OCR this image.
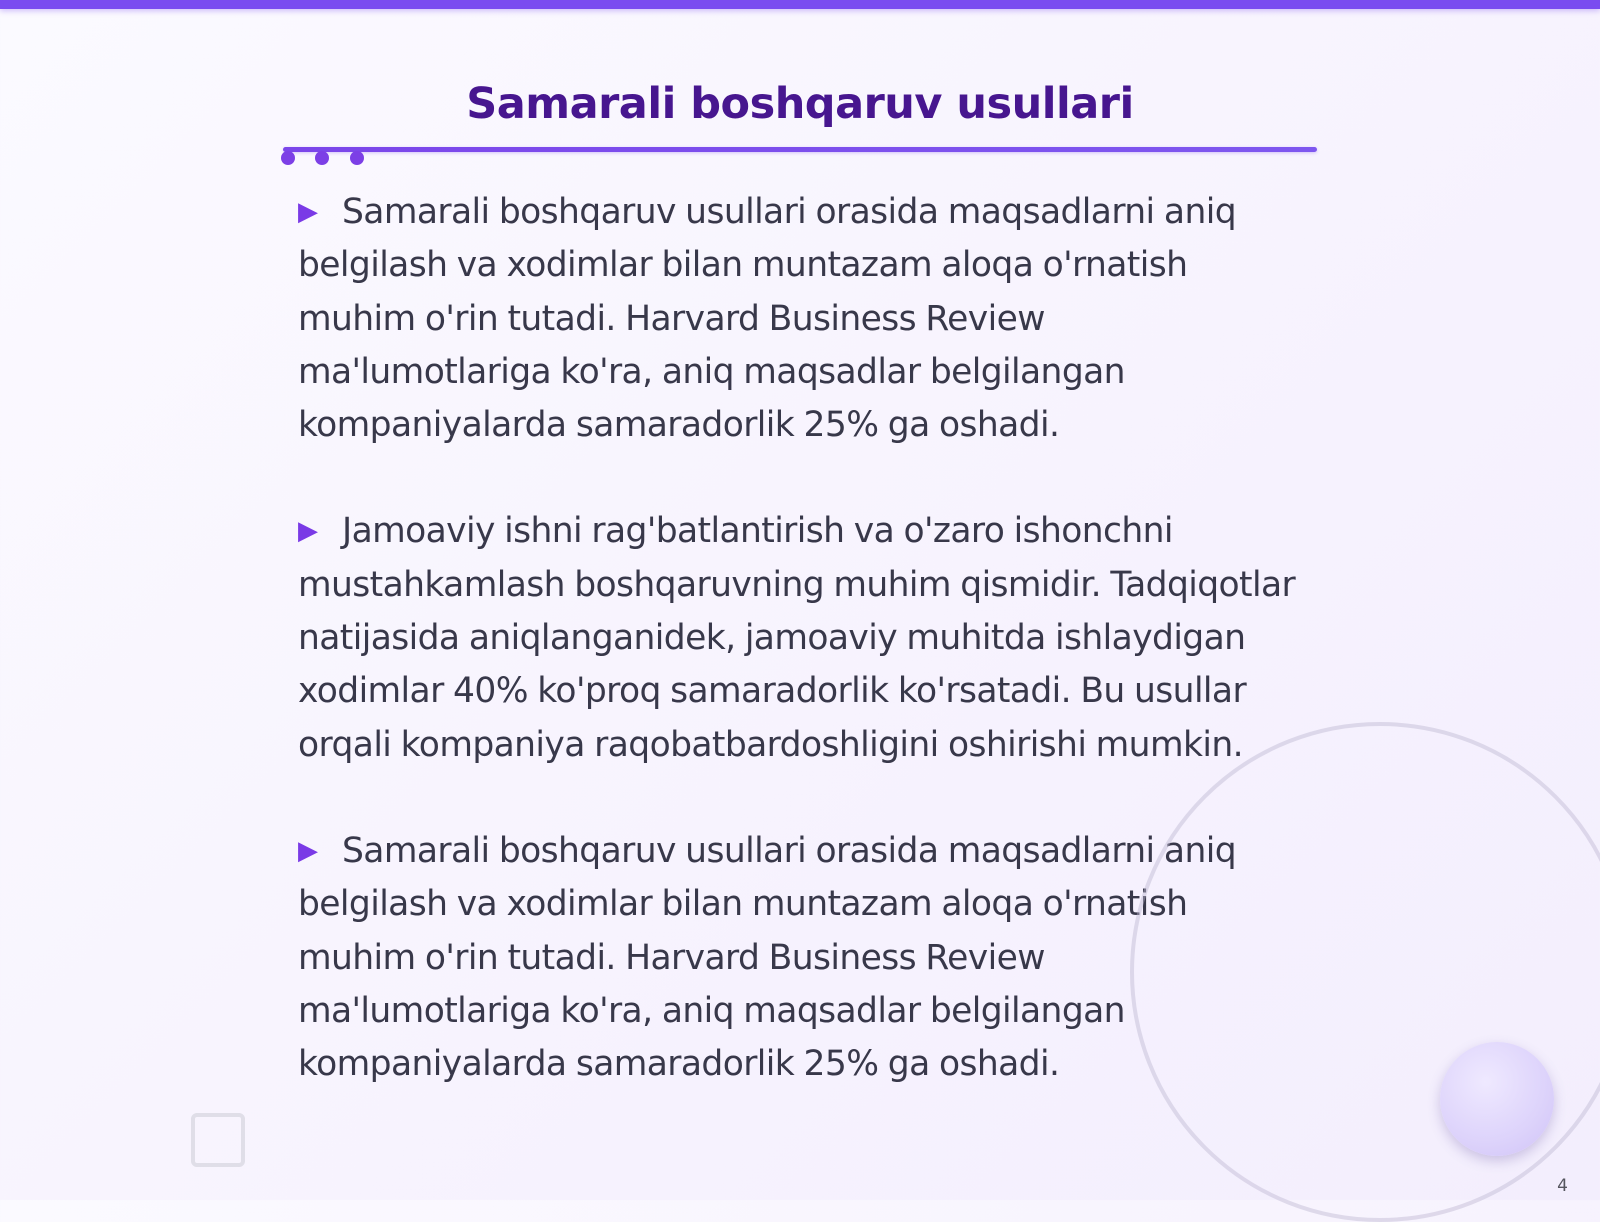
Samarali boshqaruv usullari

▶ Samarali boshqaruv usullari orasida maqsadlarni aniq belgilash va xodimlar bilan muntazam aloqa o'rnatish muhim o'rin tutadi. Harvard Business Review ma'lumotlariga ko'ra, aniq maqsadlar belgilangan kompaniyalarda samaradorlik 25% ga oshadi.

▶ Jamoaviy ishni rag'batlantirish va o'zaro ishonchni mustahkamlash boshqaruvning muhim qismidir. Tadqiqotlar natijasida aniqlanganidek, jamoaviy muhitda ishlaydigan xodimlar 40% ko'proq samaradorlik ko'rsatadi. Bu usullar orqali kompaniya raqobatbardoshligini oshirishi mumkin.

▶ Samarali boshqaruv usullari orasida maqsadlarni aniq belgilash va xodimlar bilan muntazam aloqa o'rnatish muhim o'rin tutadi. Harvard Business Review ma'lumotlariga ko'ra, aniq maqsadlar belgilangan kompaniyalarda samaradorlik 25% ga oshadi.

4
